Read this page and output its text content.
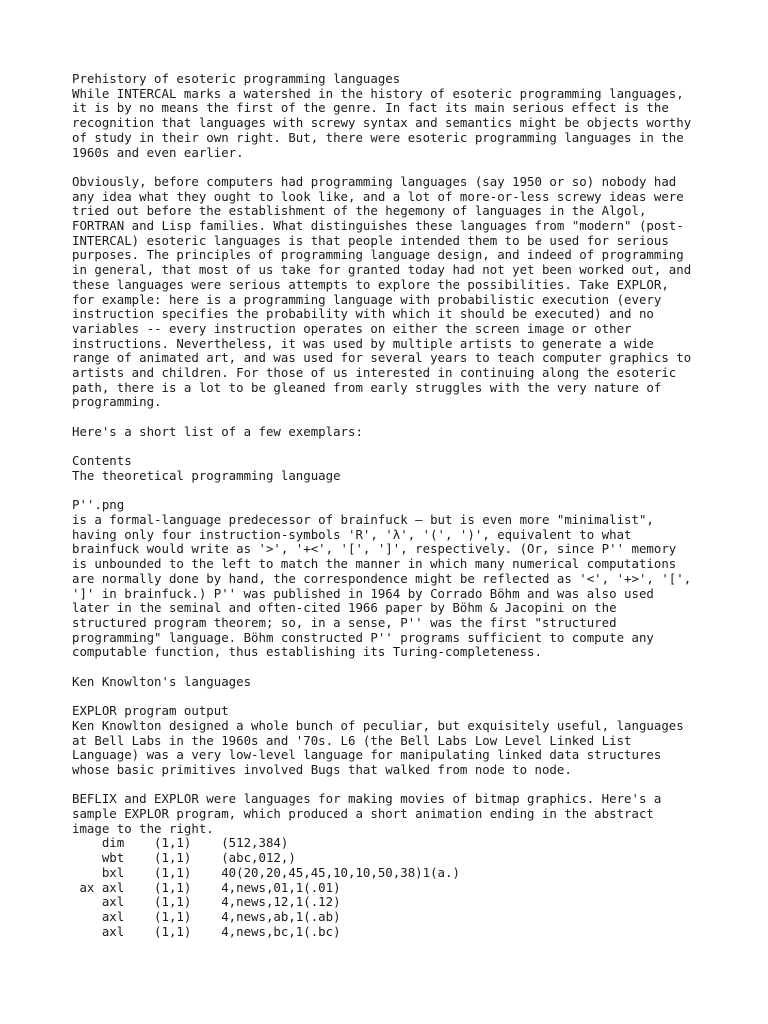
Prehistory of esoteric programming languages
While INTERCAL marks a watershed in the history of esoteric programming languages,
it is by no means the first of the genre. In fact its main serious effect is the
recognition that languages with screwy syntax and semantics might be objects worthy
of study in their own right. But, there were esoteric programming languages in the
1960s and even earlier.
Obviously, before computers had programming languages (say 1950 or so) nobody had
any idea what they ought to look like, and a lot of more-or-less screwy ideas were
tried out before the establishment of the hegemony of languages in the Algol,
FORTRAN and Lisp families. What distinguishes these languages from "modern" (post-
INTERCAL) esoteric languages is that people intended them to be used for serious
purposes. The principles of programming language design, and indeed of programming
in general, that most of us take for granted today had not yet been worked out, and
these languages were serious attempts to explore the possibilities. Take EXPLOR,
for example: here is a programming language with probabilistic execution (every
instruction specifies the probability with which it should be executed) and no
variables -- every instruction operates on either the screen image or other
instructions. Nevertheless, it was used by multiple artists to generate a wide
range of animated art, and was used for several years to teach computer graphics to
artists and children. For those of us interested in continuing along the esoteric
path, there is a lot to be gleaned from early struggles with the very nature of
programming.
Here's a short list of a few exemplars:
Contents
The theoretical programming language
P''.png
is a formal-language predecessor of brainfuck — but is even more "minimalist",
having only four instruction-symbols 'R', 'λ', '(', ')', equivalent to what
brainfuck would write as '>', '+<', '[', ']', respectively. (Or, since P'' memory
is unbounded to the left to match the manner in which many numerical computations
are normally done by hand, the correspondence might be reflected as '<', '+>', '[',
']' in brainfuck.) P'' was published in 1964 by Corrado Böhm and was also used
later in the seminal and often-cited 1966 paper by Böhm & Jacopini on the
structured program theorem; so, in a sense, P'' was the first "structured
programming" language. Böhm constructed P'' programs sufficient to compute any
computable function, thus establishing its Turing-completeness.
Ken Knowlton's languages
EXPLOR program output
Ken Knowlton designed a whole bunch of peculiar, but exquisitely useful, languages
at Bell Labs in the 1960s and '70s. L6 (the Bell Labs Low Level Linked List
Language) was a very low-level language for manipulating linked data structures
whose basic primitives involved Bugs that walked from node to node.
BEFLIX and EXPLOR were languages for making movies of bitmap graphics. Here's a
sample EXPLOR program, which produced a short animation ending in the abstract
image to the right.
dim    (1,1)    (512,384)
wbt    (1,1)    (abc,012,)
bxl    (1,1)    40(20,20,45,45,10,10,50,38)1(a.)
ax axl    (1,1)    4,news,01,1(.01)
axl    (1,1)    4,news,12,1(.12)
axl    (1,1)    4,news,ab,1(.ab)
axl    (1,1)    4,news,bc,1(.bc)
